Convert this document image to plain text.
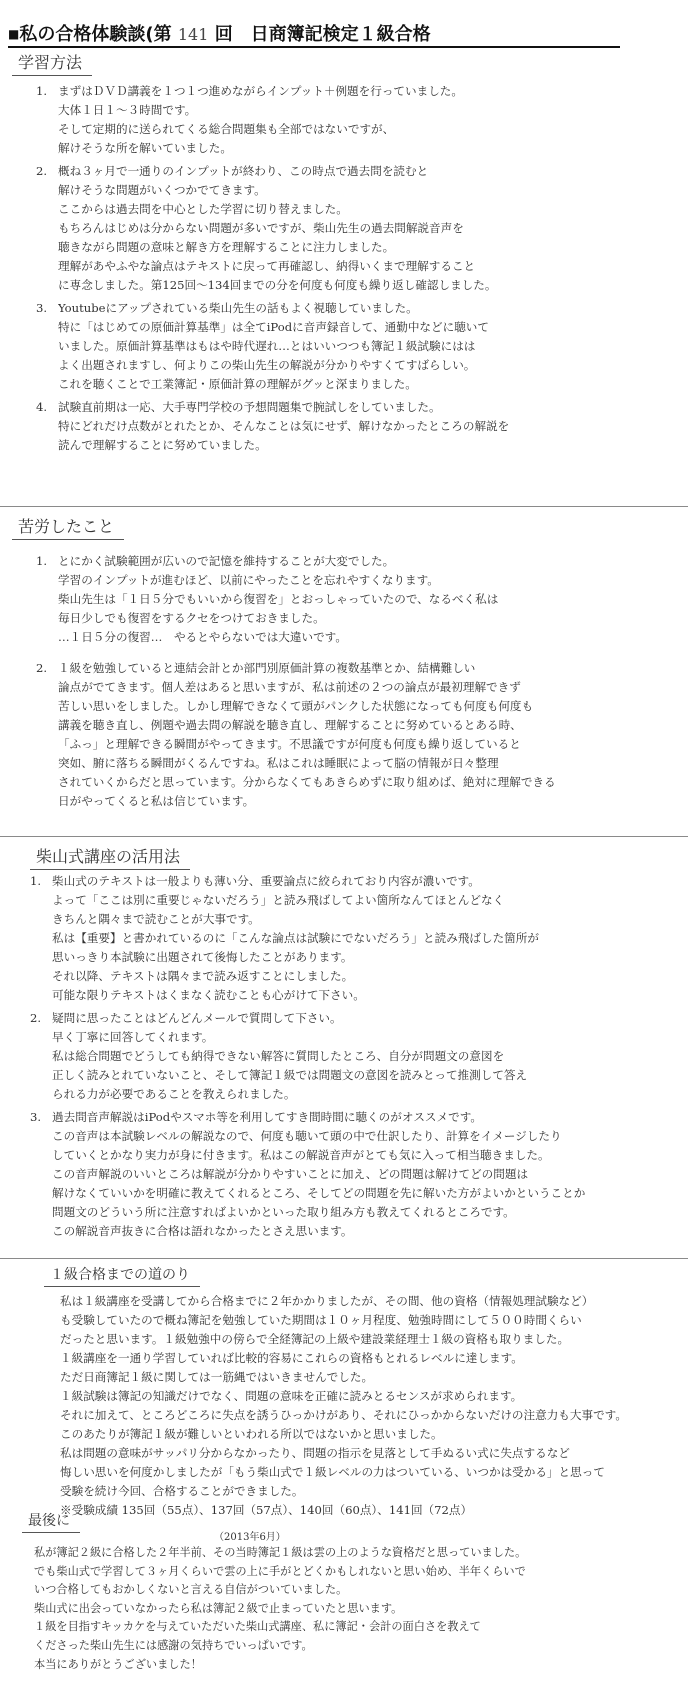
■私の合格体験談(第 141 回　日商簿記検定１級合格
学習方法
1. まずはＤＶＤ講義を１つ１つ進めながらインプット＋例題を行っていました。
大体１日１〜３時間です。
そして定期的に送られてくる総合問題集も全部ではないですが、
解けそうな所を解いていました。
2. 概ね３ヶ月で一通りのインプットが終わり、この時点で過去問を読むと
解けそうな問題がいくつかでてきます。
ここからは過去問を中心とした学習に切り替えました。
もちろんはじめは分からない問題が多いですが、柴山先生の過去問解説音声を
聴きながら問題の意味と解き方を理解することに注力しました。
理解があやふやな論点はテキストに戻って再確認し、納得いくまで理解すること
に専念しました。第125回〜134回までの分を何度も何度も繰り返し確認しました。
3. Youtubeにアップされている柴山先生の話もよく視聴していました。
特に「はじめての原価計算基準」は全てiPodに音声録音して、通勤中などに聴いて
いました。原価計算基準はもはや時代遅れ…とはいいつつも簿記１級試験にはは
よく出題されますし、何よりこの柴山先生の解説が分かりやすくてすばらしい。
これを聴くことで工業簿記・原価計算の理解がグッと深まりました。
4. 試験直前期は一応、大手専門学校の予想問題集で腕試しをしていました。
特にどれだけ点数がとれたとか、そんなことは気にせず、解けなかったところの解説を
読んで理解することに努めていました。
苦労したこと
1. とにかく試験範囲が広いので記憶を維持することが大変でした。
学習のインプットが進むほど、以前にやったことを忘れやすくなります。
柴山先生は「１日５分でもいいから復習を」とおっしゃっていたので、なるべく私は
毎日少しでも復習をするクセをつけておきました。
…１日５分の復習…　やるとやらないでは大違いです。
2. １級を勉強していると連結会計とか部門別原価計算の複数基準とか、結構難しい
論点がでてきます。個人差はあると思いますが、私は前述の２つの論点が最初理解できず
苦しい思いをしました。しかし理解できなくて頭がパンクした状態になっても何度も何度も
講義を聴き直し、例題や過去問の解説を聴き直し、理解することに努めているとある時、
「ふっ」と理解できる瞬間がやってきます。不思議ですが何度も何度も繰り返していると
突如、腑に落ちる瞬間がくるんですね。私はこれは睡眠によって脳の情報が日々整理
されていくからだと思っています。分からなくてもあきらめずに取り組めば、絶対に理解できる
日がやってくると私は信じています。
柴山式講座の活用法
1. 柴山式のテキストは一般よりも薄い分、重要論点に絞られており内容が濃いです。
よって「ここは別に重要じゃないだろう」と読み飛ばしてよい箇所なんてほとんどなく
きちんと隅々まで読むことが大事です。
私は【重要】と書かれているのに「こんな論点は試験にでないだろう」と読み飛ばした箇所が
思いっきり本試験に出題されて後悔したことがあります。
それ以降、テキストは隅々まで読み返すことにしました。
可能な限りテキストはくまなく読むことも心がけて下さい。
2. 疑問に思ったことはどんどんメールで質問して下さい。
早く丁寧に回答してくれます。
私は総合問題でどうしても納得できない解答に質問したところ、自分が問題文の意図を
正しく読みとれていないこと、そして簿記１級では問題文の意図を読みとって推測して答え
られる力が必要であることを教えられました。
3. 過去問音声解説はiPodやスマホ等を利用してすき間時間に聴くのがオススメです。
この音声は本試験レベルの解説なので、何度も聴いて頭の中で仕訳したり、計算をイメージしたり
していくとかなり実力が身に付きます。私はこの解説音声がとても気に入って相当聴きました。
この音声解説のいいところは解説が分かりやすいことに加え、どの問題は解けてどの問題は
解けなくていいかを明確に教えてくれるところ、そしてどの問題を先に解いた方がよいかということか
問題文のどういう所に注意すればよいかといった取り組み方も教えてくれるところです。
この解説音声抜きに合格は語れなかったとさえ思います。
１級合格までの道のり
私は１級講座を受講してから合格までに２年かかりましたが、その間、他の資格（情報処理試験など）
も受験していたので概ね簿記を勉強していた期間は１０ヶ月程度、勉強時間にして５００時間くらい
だったと思います。１級勉強中の傍らで全経簿記の上級や建設業経理士１級の資格も取りました。
１級講座を一通り学習していれば比較的容易にこれらの資格もとれるレベルに達します。
ただ日商簿記１級に関しては一筋縄ではいきませんでした。
１級試験は簿記の知識だけでなく、問題の意味を正確に読みとるセンスが求められます。
それに加えて、ところどころに失点を誘うひっかけがあり、それにひっかからないだけの注意力も大事です。
このあたりが簿記１級が難しいといわれる所以ではないかと思いました。
私は問題の意味がサッパリ分からなかったり、問題の指示を見落として手ぬるい式に失点するなど
悔しい思いを何度かしましたが「もう柴山式で１級レベルの力はついている、いつかは受かる」と思って
受験を続け今回、合格することができました。
※受験成績 135回（55点）、137回（57点）、140回（60点）、141回（72点）
最後に
（2013年6月）
私が簿記２級に合格した２年半前、その当時簿記１級は雲の上のような資格だと思っていました。
でも柴山式で学習して３ヶ月くらいで雲の上に手がとどくかもしれないと思い始め、半年くらいで
いつ合格してもおかしくないと言える自信がついていました。
柴山式に出会っていなかったら私は簿記２級で止まっていたと思います。
１級を目指すキッカケを与えていただいた柴山式講座、私に簿記・会計の面白さを教えて
くださった柴山先生には感謝の気持ちでいっぱいです。
本当にありがとうございました！
